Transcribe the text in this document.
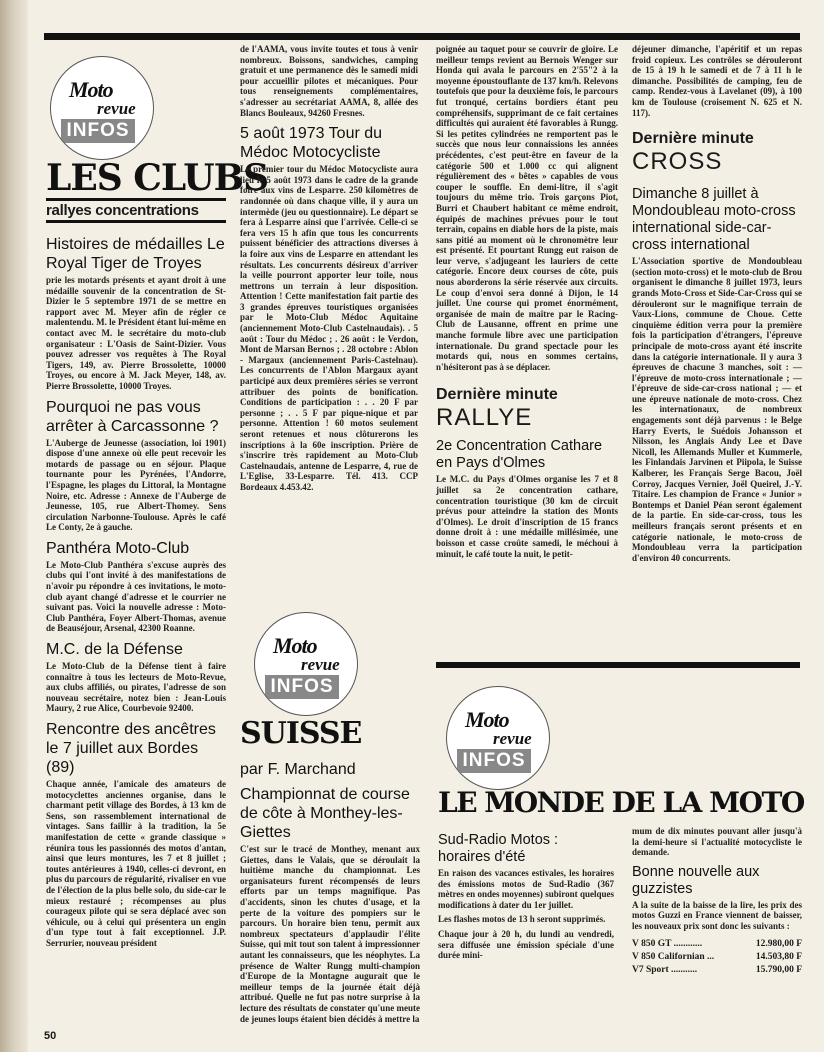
Moto
revue
INFOS
LES CLUBS
rallyes concentrations
Histoires de médailles Le Royal Tiger de Troyes
prie les motards présents et ayant droit à une médaille souvenir de la concentration de St-Dizier le 5 septembre 1971 de se mettre en rapport avec M. Meyer afin de régler ce malentendu. M. le Président étant lui-même en contact avec M. le secrétaire du moto-club organisateur : L'Oasis de Saint-Dizier. Vous pouvez adresser vos requêtes à The Royal Tigers, 149, av. Pierre Brossolette, 10000 Troyes, ou encore à M. Jack Meyer, 148, av. Pierre Brossolette, 10000 Troyes.
Pourquoi ne pas vous arrêter à Carcassonne ?
L'Auberge de Jeunesse (association, loi 1901) dispose d'une annexe où elle peut recevoir les motards de passage ou en séjour. Plaque tournante pour les Pyrénées, l'Andorre, l'Espagne, les plages du Littoral, la Montagne Noire, etc. Adresse : Annexe de l'Auberge de Jeunesse, 105, rue Albert-Thomey. Sens circulation Narbonne-Toulouse. Après le café Le Conty, 2e à gauche.
Panthéra Moto-Club
Le Moto-Club Panthéra s'excuse auprès des clubs qui l'ont invité à des manifestations de n'avoir pu répondre à ces invitations, le moto-club ayant changé d'adresse et le courrier ne suivant pas. Voici la nouvelle adresse : Moto-Club Panthéra, Foyer Albert-Thomas, avenue de Beauséjour, Arsenal, 42300 Roanne.
M.C. de la Défense
Le Moto-Club de la Défense tient à faire connaître à tous les lecteurs de Moto-Revue, aux clubs affiliés, ou pirates, l'adresse de son nouveau secrétaire, notez bien : Jean-Louis Maury, 2 rue Alice, Courbevoie 92400.
Rencontre des ancêtres le 7 juillet aux Bordes (89)
Chaque année, l'amicale des amateurs de motocyclettes anciennes organise, dans le charmant petit village des Bordes, à 13 km de Sens, son rassemblement international de vintages. Sans faillir à la tradition, la 5e manifestation de cette « grande classique » réunira tous les passionnés des motos d'antan, ainsi que leurs montures, les 7 et 8 juillet ; toutes antérieures à 1940, celles-ci devront, en plus du parcours de régularité, rivaliser en vue de l'élection de la plus belle solo, du side-car le mieux restauré ; récompenses au plus courageux pilote qui se sera déplacé avec son véhicule, ou à celui qui présentera un engin d'un type tout à fait exceptionnel. J.P. Serrurier, nouveau président
de l'AAMA, vous invite toutes et tous à venir nombreux. Boissons, sandwiches, camping gratuit et une permanence dès le samedi midi pour accueillir pilotes et mécaniques. Pour tous renseignements complémentaires, s'adresser au secrétariat AAMA, 8, allée des Blancs Bouleaux, 94260 Fresnes.
5 août 1973 Tour du Médoc Motocycliste
Le premier tour du Médoc Motocycliste aura lieu le 5 août 1973 dans le cadre de la grande foire aux vins de Lesparre. 250 kilomètres de randonnée où dans chaque ville, il y aura un intermède (jeu ou questionnaire). Le départ se fera à Lesparre ainsi que l'arrivée. Celle-ci se fera vers 15 h afin que tous les concurrents puissent bénéficier des attractions diverses à la foire aux vins de Lesparre en attendant les résultats. Les concurrents désireux d'arriver la veille pourront apporter leur toile, nous mettrons un terrain à leur disposition. Attention ! Cette manifestation fait partie des 3 grandes épreuves touristiques organisées par le Moto-Club Médoc Aquitaine (anciennement Moto-Club Castelnaudais). . 5 août : Tour du Médoc ; . 26 août : le Verdon, Mont de Marsan Bernos ; . 28 octobre : Ablon - Margaux (anciennement Paris-Castelnau). Les concurrents de l'Ablon Margaux ayant participé aux deux premières séries se verront attribuer des points de bonification. Conditions de participation : . . 20 F par personne ; . . 5 F par pique-nique et par personne. Attention ! 60 motos seulement seront retenues et nous clôturerons les inscriptions à la 60e inscription. Prière de s'inscrire très rapidement au Moto-Club Castelnaudais, antenne de Lesparre, 4, rue de L'Eglise, 33-Lesparre. Tél. 413. CCP Bordeaux 4.453.42.
Moto
revue
INFOS
SUISSE
par F. Marchand
Championnat de course de côte à Monthey-les-Giettes
C'est sur le tracé de Monthey, menant aux Giettes, dans le Valais, que se déroulait la huitième manche du championnat. Les organisateurs furent récompensés de leurs efforts par un temps magnifique. Pas d'accidents, sinon les chutes d'usage, et la perte de la voiture des pompiers sur le parcours. Un horaire bien tenu, permit aux nombreux spectateurs d'applaudir l'élite Suisse, qui mit tout son talent à impressionner autant les connaisseurs, que les néophytes. La présence de Walter Rungg multi-champion d'Europe de la Montagne augurait que le meilleur temps de la journée était déjà attribué. Quelle ne fut pas notre surprise à la lecture des résultats de constater qu'une meute de jeunes loups étaient bien décidés à mettre la
poignée au taquet pour se couvrir de gloire. Le meilleur temps revient au Bernois Wenger sur Honda qui avala le parcours en 2'55"2 à la moyenne époustouflante de 137 km/h. Relevons toutefois que pour la deuxième fois, le parcours fut tronqué, certains bordiers étant peu compréhensifs, supprimant de ce fait certaines difficultés qui auraient été favorables à Rungg. Si les petites cylindrées ne remportent pas le succès que nous leur connaissions les années précédentes, c'est peut-être en faveur de la catégorie 500 et 1.000 cc qui alignent régulièrement des « bêtes » capables de vous couper le souffle. En demi-litre, il s'agit toujours du même trio. Trois garçons Piot, Burri et Chaubert habitant ce même endroit, équipés de machines prévues pour le tout terrain, copains en diable hors de la piste, mais sans pitié au moment où le chronomètre leur est présenté. Et pourtant Rungg eut raison de leur verve, s'adjugeant les lauriers de cette catégorie. Encore deux courses de côte, puis nous aborderons la série réservée aux circuits. Le coup d'envoi sera donné à Dijon, le 14 juillet. Une course qui promet énormément, organisée de main de maître par le Racing-Club de Lausanne, offrent en prime une manche formule libre avec une participation internationale. Du grand spectacle pour les motards qui, nous en sommes certains, n'hésiteront pas à se déplacer.
Dernière minute
RALLYE
2e Concentration Cathare en Pays d'Olmes
Le M.C. du Pays d'Olmes organise les 7 et 8 juillet sa 2e concentration cathare, concentration touristique (30 km de circuit prévus pour atteindre la station des Monts d'Olmes). Le droit d'inscription de 15 francs donne droit à : une médaille millésimée, une boisson et casse croûte samedi, le méchoui à minuit, le café toute la nuit, le petit-
déjeuner dimanche, l'apéritif et un repas froid copieux. Les contrôles se dérouleront de 15 à 19 h le samedi et de 7 à 11 h le dimanche. Possibilités de camping, feu de camp. Rendez-vous à Lavelanet (09), à 100 km de Toulouse (croisement N. 625 et N. 117).
Dernière minute
CROSS
Dimanche 8 juillet à Mondoubleau moto-cross international side-car-cross international
L'Association sportive de Mondoubleau (section moto-cross) et le moto-club de Brou organisent le dimanche 8 juillet 1973, leurs grands Moto-Cross et Side-Car-Cross qui se dérouleront sur le magnifique terrain de Vaux-Lions, commune de Choue. Cette cinquième édition verra pour la première fois la participation d'étrangers, l'épreuve principale de moto-cross ayant été inscrite dans la catégorie internationale. Il y aura 3 épreuves de chacune 3 manches, soit : — l'épreuve de moto-cross internationale ; — l'épreuve de side-car-cross national ; — et une épreuve nationale de moto-cross. Chez les internationaux, de nombreux engagements sont déjà parvenus : le Belge Harry Everts, le Suédois Johansson et Nilsson, les Anglais Andy Lee et Dave Nicoll, les Allemands Muller et Kummerle, les Finlandais Jarvinen et Piipola, le Suisse Kalberer, les Français Serge Bacou, Joël Corroy, Jacques Vernier, Joël Queirel, J.-Y. Titaire. Les champion de France « Junior » Bontemps et Daniel Péan seront également de la partie. En side-car-cross, tous les meilleurs français seront présents et en catégorie nationale, le moto-cross de Mondoubleau verra la participation d'environ 40 concurrents.
Moto
revue
INFOS
LE MONDE DE LA MOTO
Sud-Radio Motos : horaires d'été
En raison des vacances estivales, les horaires des émissions motos de Sud-Radio (367 mètres en ondes moyennes) subiront quelques modifications à dater du 1er juillet.
Les flashes motos de 13 h seront supprimés.
Chaque jour à 20 h, du lundi au vendredi, sera diffusée une émission spéciale d'une durée mini-
mum de dix minutes pouvant aller jusqu'à la demi-heure si l'actualité motocycliste le demande.
Bonne nouvelle aux guzzistes
A la suite de la baisse de la lire, les prix des motos Guzzi en France viennent de baisser, les nouveaux prix sont donc les suivants :
V 850 GT ............	12.980,00 F
V 850 Californian ...	14.503,80 F
V7 Sport ...........	15.790,00 F
50
